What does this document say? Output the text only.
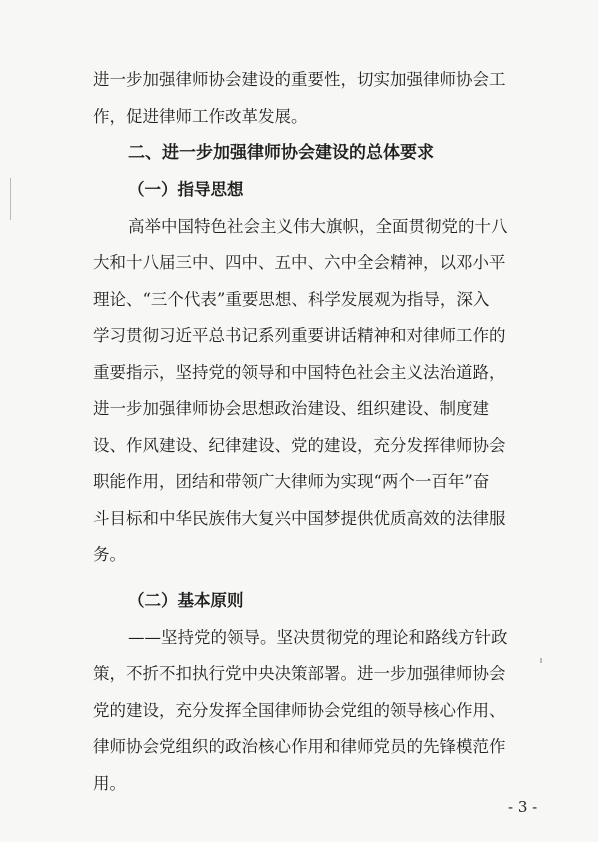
进一步加强律师协会建设的重要性，切实加强律师协会工
作，促进律师工作改革发展。
二、进一步加强律师协会建设的总体要求
（一）指导思想
高举中国特色社会主义伟大旗帜，全面贯彻党的十八
大和十八届三中、四中、五中、六中全会精神，以邓小平
理论、“三个代表”重要思想、科学发展观为指导，深入
学习贯彻习近平总书记系列重要讲话精神和对律师工作的
重要指示，坚持党的领导和中国特色社会主义法治道路，
进一步加强律师协会思想政治建设、组织建设、制度建
设、作风建设、纪律建设、党的建设，充分发挥律师协会
职能作用，团结和带领广大律师为实现“两个一百年”奋
斗目标和中华民族伟大复兴中国梦提供优质高效的法律服
务。
（二）基本原则
——坚持党的领导。坚决贯彻党的理论和路线方针政
策，不折不扣执行党中央决策部署。进一步加强律师协会
党的建设，充分发挥全国律师协会党组的领导核心作用、
律师协会党组织的政治核心作用和律师党员的先锋模范作
用。
- 3 -
